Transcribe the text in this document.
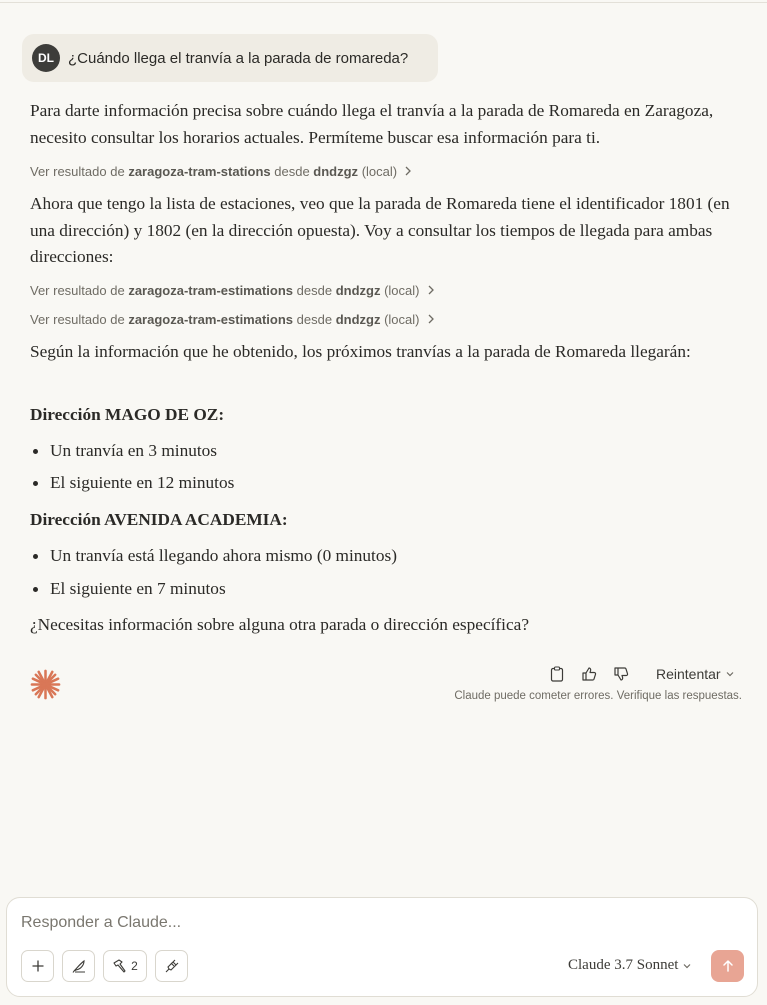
DL ¿Cuándo llega el tranvía a la parada de romareda?
Para darte información precisa sobre cuándo llega el tranvía a la parada de Romareda en Zaragoza, necesito consultar los horarios actuales. Permíteme buscar esa información para ti.
Ver resultado de
zaragoza-tram-stations
desde
dndzgz
(local)
Ahora que tengo la lista de estaciones, veo que la parada de Romareda tiene el identificador 1801 (en una dirección) y 1802 (en la dirección opuesta). Voy a consultar los tiempos de llegada para ambas direcciones:
Ver resultado de
zaragoza-tram-estimations
desde
dndzgz
(local)
Ver resultado de
zaragoza-tram-estimations
desde
dndzgz
(local)
Según la información que he obtenido, los próximos tranvías a la parada de Romareda llegarán:
Dirección MAGO DE OZ:
Un tranvía en 3 minutos
El siguiente en 12 minutos
Dirección AVENIDA ACADEMIA:
Un tranvía está llegando ahora mismo (0 minutos)
El siguiente en 7 minutos
¿Necesitas información sobre alguna otra parada o dirección específica?
Reintentar
Claude puede cometer errores. Verifique las respuestas.
Responder a Claude...
2	Claude 3.7 Sonnet
